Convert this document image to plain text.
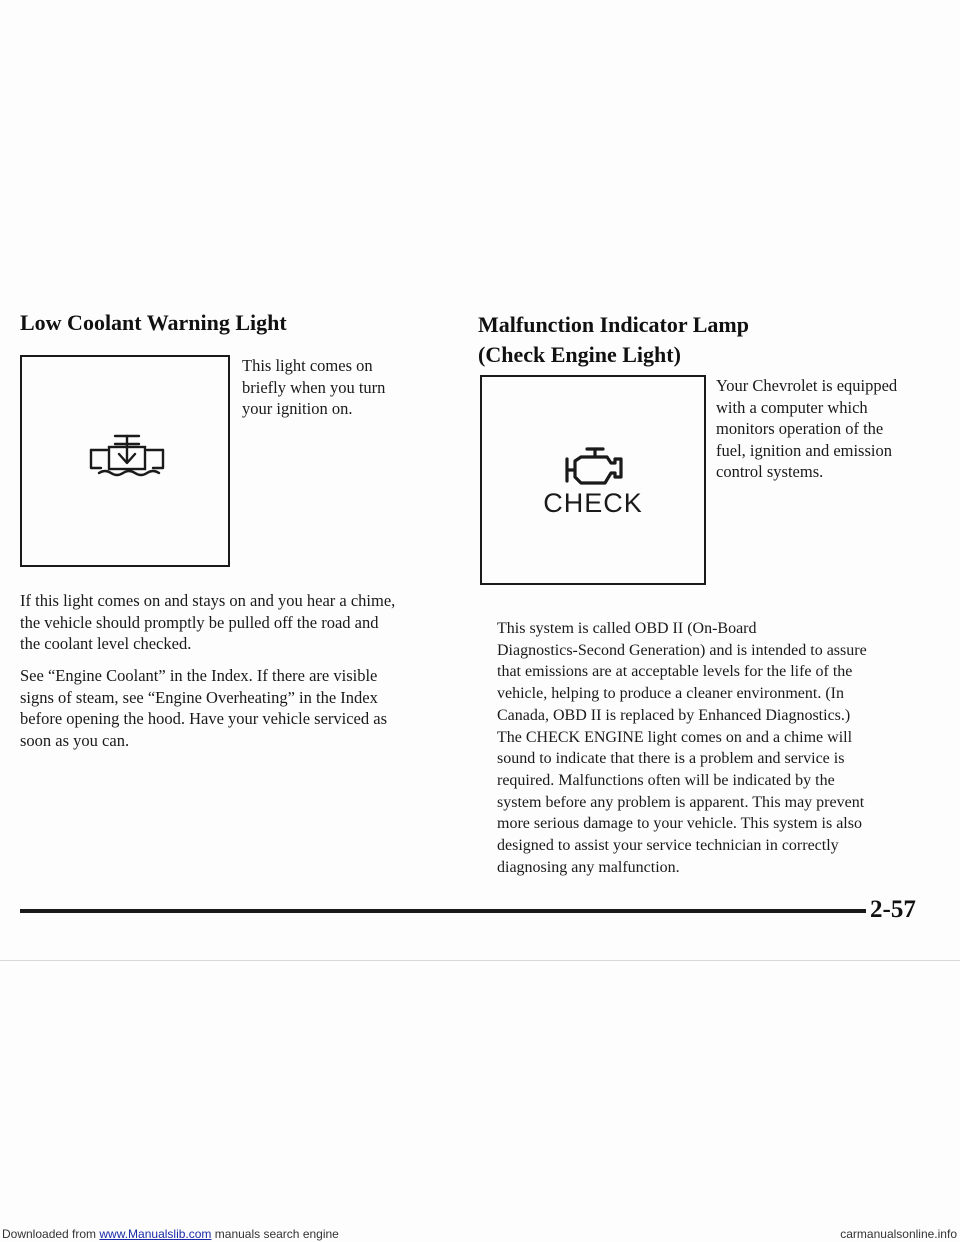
Low Coolant Warning Light

This light comes on
briefly when you turn
your ignition on.

If this light comes on and stays on and you hear a chime,
the vehicle should promptly be pulled off the road and
the coolant level checked.

See “Engine Coolant” in the Index. If there are visible
signs of steam, see “Engine Overheating” in the Index
before opening the hood. Have your vehicle serviced as
soon as you can.

Malfunction Indicator Lamp
(Check Engine Light)
CHECK

Your Chevrolet is equipped
with a computer which
monitors operation of the
fuel, ignition and emission
control systems.

This system is called OBD II (On-Board
Diagnostics-Second Generation) and is intended to assure
that emissions are at acceptable levels for the life of the
vehicle, helping to produce a cleaner environment. (In
Canada, OBD II is replaced by Enhanced Diagnostics.)
The CHECK ENGINE light comes on and a chime will
sound to indicate that there is a problem and service is
required. Malfunctions often will be indicated by the
system before any problem is apparent. This may prevent
more serious damage to your vehicle. This system is also
designed to assist your service technician in correctly
diagnosing any malfunction.

2-57
Downloaded from www.Manualslib.com manuals search engine	carmanualsonline.info
